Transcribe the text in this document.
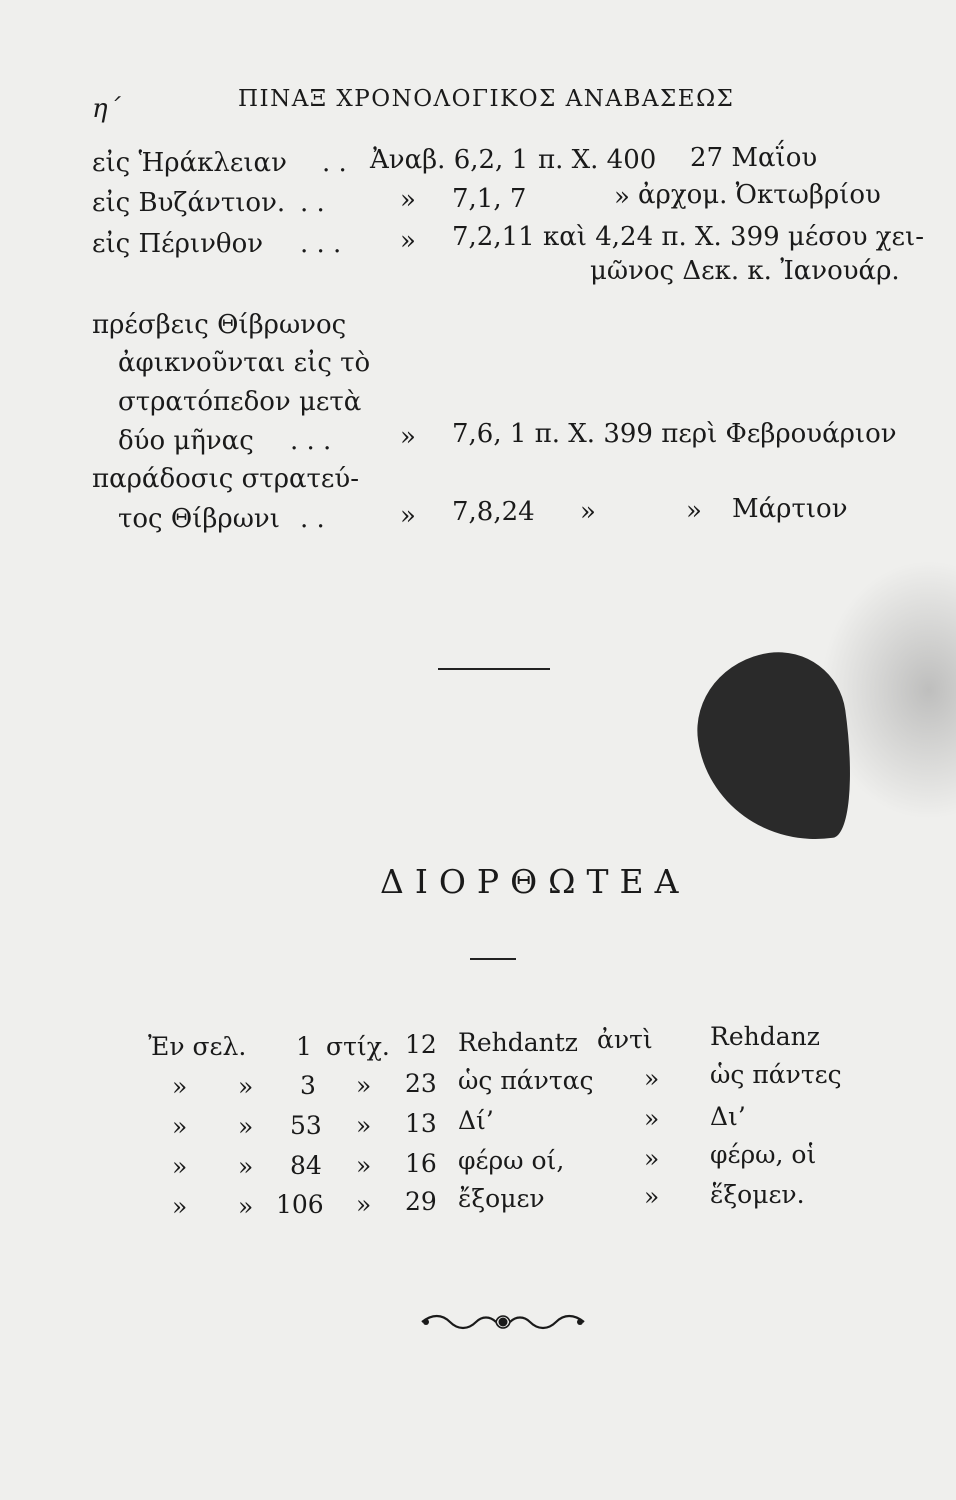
η΄	ΠΙΝΑΞ ΧΡΟΝΟΛΟΓΙΚΟΣ ΑΝΑΒΑΣΕΩΣ
εἰς Ἡράκλειαν . . Ἀναβ. 6,2, 1 π. Χ. 400 27 Μαΐου
εἰς Βυζάντιον. . .	» 7,1, 7	» ἀρχομ. Ὀκτωβρίου
εἰς Πέρινθον . . . » 7,2,11 καὶ 4,24 π. Χ. 399 μέσου χει-
μῶνος Δεκ. κ. Ἰανουάρ.
πρέσβεις Θίβρωνος
ἀφικνοῦνται εἰς τὸ
στρατόπεδον μετὰ
δύο μῆνας . . .	» 7,6, 1 π. Χ. 399 περὶ Φεβρουάριον
παράδοσις στρατεύ-
τος Θίβρωνι . .	» 7,8,24 »	» Μάρτιον
ΔΙΟΡΘΩΤΕΑ
Ἐν σελ. 1 στίχ. 12 Rehdantz ἀντὶ Rehdanz
» » 3 » 23 ὡς πάντας » ὡς πάντες
» » 53 » 13 Δί’	» Δι’
» » 84 » 16 φέρω οί,	» φέρω, οἱ
» » 106 » 29 ἔξομεν	» ἕξομεν.
